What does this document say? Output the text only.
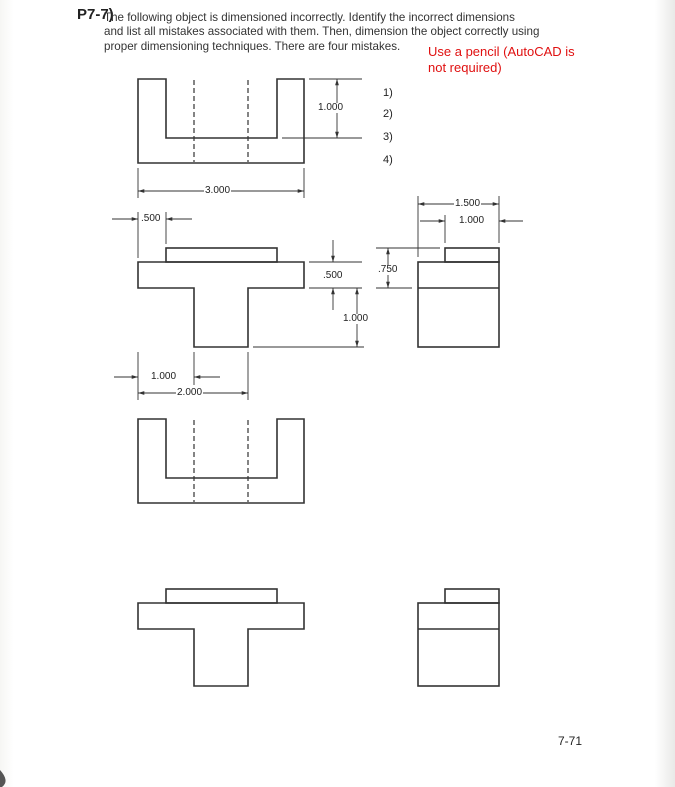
P7-7)
The following object is dimensioned incorrectly. Identify the incorrect dimensions
and list all mistakes associated with them. Then, dimension the object correctly using
proper dimensioning techniques. There are four mistakes. Use a pencil (AutoCAD is
not required)
1)
2)
3)
4)
1.000
3.000
.500
.500
1.000
1.000
2.000
.750
1.500
1.000
7-71
